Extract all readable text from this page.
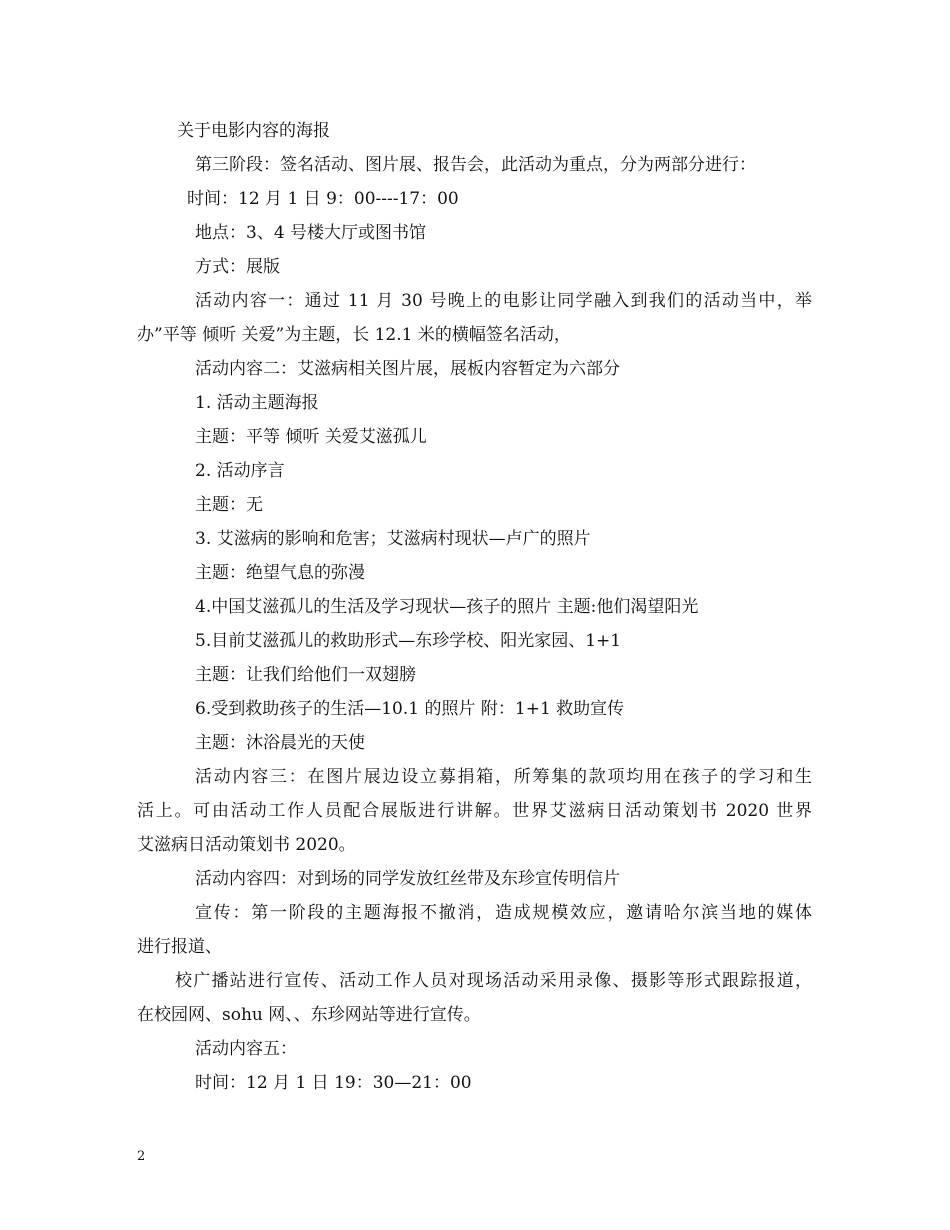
关于电影内容的海报
第三阶段：签名活动、图片展、报告会，此活动为重点，分为两部分进行：
时间：12 月 1 日 9：00----17：00
地点：3、4 号楼大厅或图书馆
方式：展版
活动内容一：通过 11 月 30 号晚上的电影让同学融入到我们的活动当中，举
办”平等 倾听 关爱”为主题，长 12.1 米的横幅签名活动，
活动内容二：艾滋病相关图片展，展板内容暂定为六部分
1. 活动主题海报
主题：平等 倾听 关爱艾滋孤儿
2. 活动序言
主题：无
3. 艾滋病的影响和危害；艾滋病村现状—卢广的照片
主题：绝望气息的弥漫
4.中国艾滋孤儿的生活及学习现状—孩子的照片 主题:他们渴望阳光
5.目前艾滋孤儿的救助形式—东珍学校、阳光家园、1+1
主题：让我们给他们一双翅膀
6.受到救助孩子的生活—10.1 的照片 附：1+1 救助宣传
主题：沐浴晨光的天使
活动内容三：在图片展边设立募捐箱，所筹集的款项均用在孩子的学习和生
活上。可由活动工作人员配合展版进行讲解。世界艾滋病日活动策划书 2020 世界
艾滋病日活动策划书 2020。
活动内容四：对到场的同学发放红丝带及东珍宣传明信片
宣传：第一阶段的主题海报不撤消，造成规模效应，邀请哈尔滨当地的媒体
进行报道、
校广播站进行宣传、活动工作人员对现场活动采用录像、摄影等形式跟踪报道，
在校园网、sohu 网、、东珍网站等进行宣传。
活动内容五：
时间：12 月 1 日 19：30—21：00
2
